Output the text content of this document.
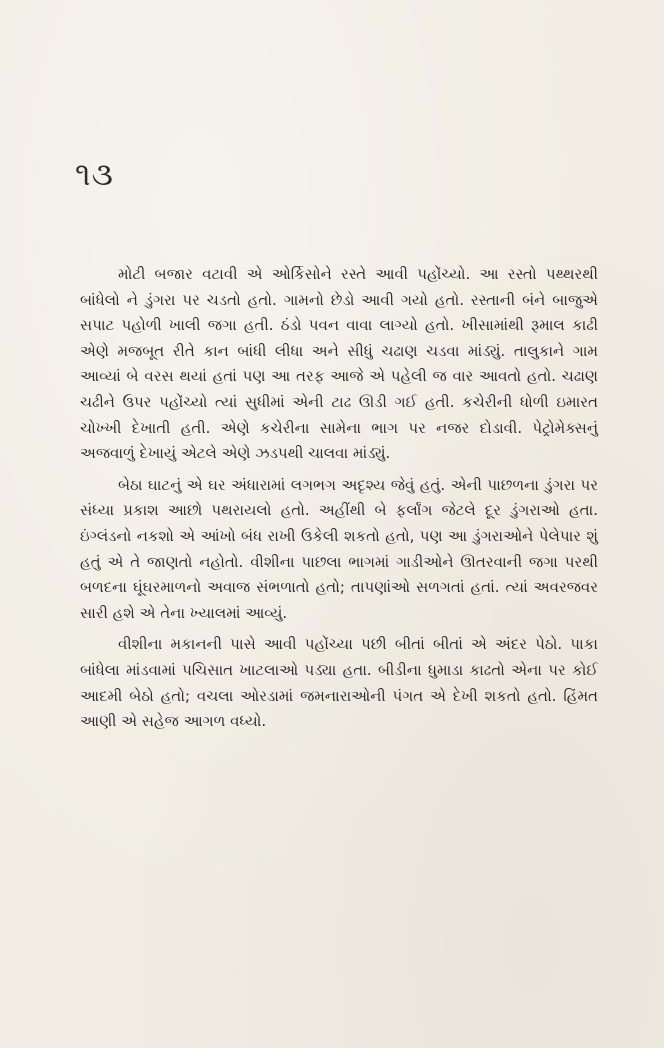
૧૩

મોટી બજાર વટાવી એ ઓર્કિસોને રસ્તે આવી પહોંચ્યો. આ રસ્તો પથ્થરથી બાંધેલો ને ડુંગરા પર ચડતો હતો. ગામનો છેડો આવી ગયો હતો. રસ્તાની બંને બાજુએ સપાટ પહોળી ખાલી જગા હતી. ઠંડો પવન વાવા લાગ્યો હતો. ખીસામાંથી રૂમાલ કાઢી એણે મજબૂત રીતે કાન બાંધી લીધા અને સીધું ચઢાણ ચડવા માંડ્યું. તાલુકાને ગામ આવ્યાં બે વરસ થયાં હતાં પણ આ તરફ આજે એ પહેલી જ વાર આવતો હતો. ચઢાણ ચઢીને ઉપર પહોંચ્યો ત્યાં સુધીમાં એની ટાઢ ઊડી ગઈ હતી. કચેરીની ધોળી ઇમારત ચોખ્ખી દેખાતી હતી. એણે કચેરીના સામેના ભાગ પર નજર દોડાવી. પેટ્રોમેક્સનું અજવાળું દેખાયું એટલે એણે ઝડપથી ચાલવા માંડ્યું.

બેઠા ઘાટનું એ ઘર અંધારામાં લગભગ અદૃશ્ય જેવું હતું. એની પાછળના ડુંગરા પર સંધ્યા પ્રકાશ આછો પથરાયલો હતો. અહીંથી બે ફર્લાંગ જેટલે દૂર ડુંગરાઓ હતા. ઇંગ્લંડનો નકશો એ આંખો બંધ રાખી ઉકેલી શકતો હતો, પણ આ ડુંગરાઓને પેલેપાર શું હતું એ તે જાણતો નહોતો. વીશીના પાછલા ભાગમાં ગાડીઓને ઊતરવાની જગા પરથી બળદના ઘૂંઘરમાળનો અવાજ સંભળાતો હતો; તાપણાંઓ સળગતાં હતાં. ત્યાં અવરજવર સારી હશે એ તેના ખ્યાલમાં આવ્યું.

વીશીના મકાનની પાસે આવી પહોંચ્યા પછી બીતાં બીતાં એ અંદર પેઠો. પાકા બાંધેલા માંડવામાં પચિસાત ખાટલાઓ પડ્યા હતા. બીડીના ધુમાડા કાઢતો એના પર કોઈ આદમી બેઠો હતો; વચલા ઓરડામાં જમનારાઓની પંગત એ દેખી શકતો હતો. હિંમત આણી એ સહેજ આગળ વધ્યો.
